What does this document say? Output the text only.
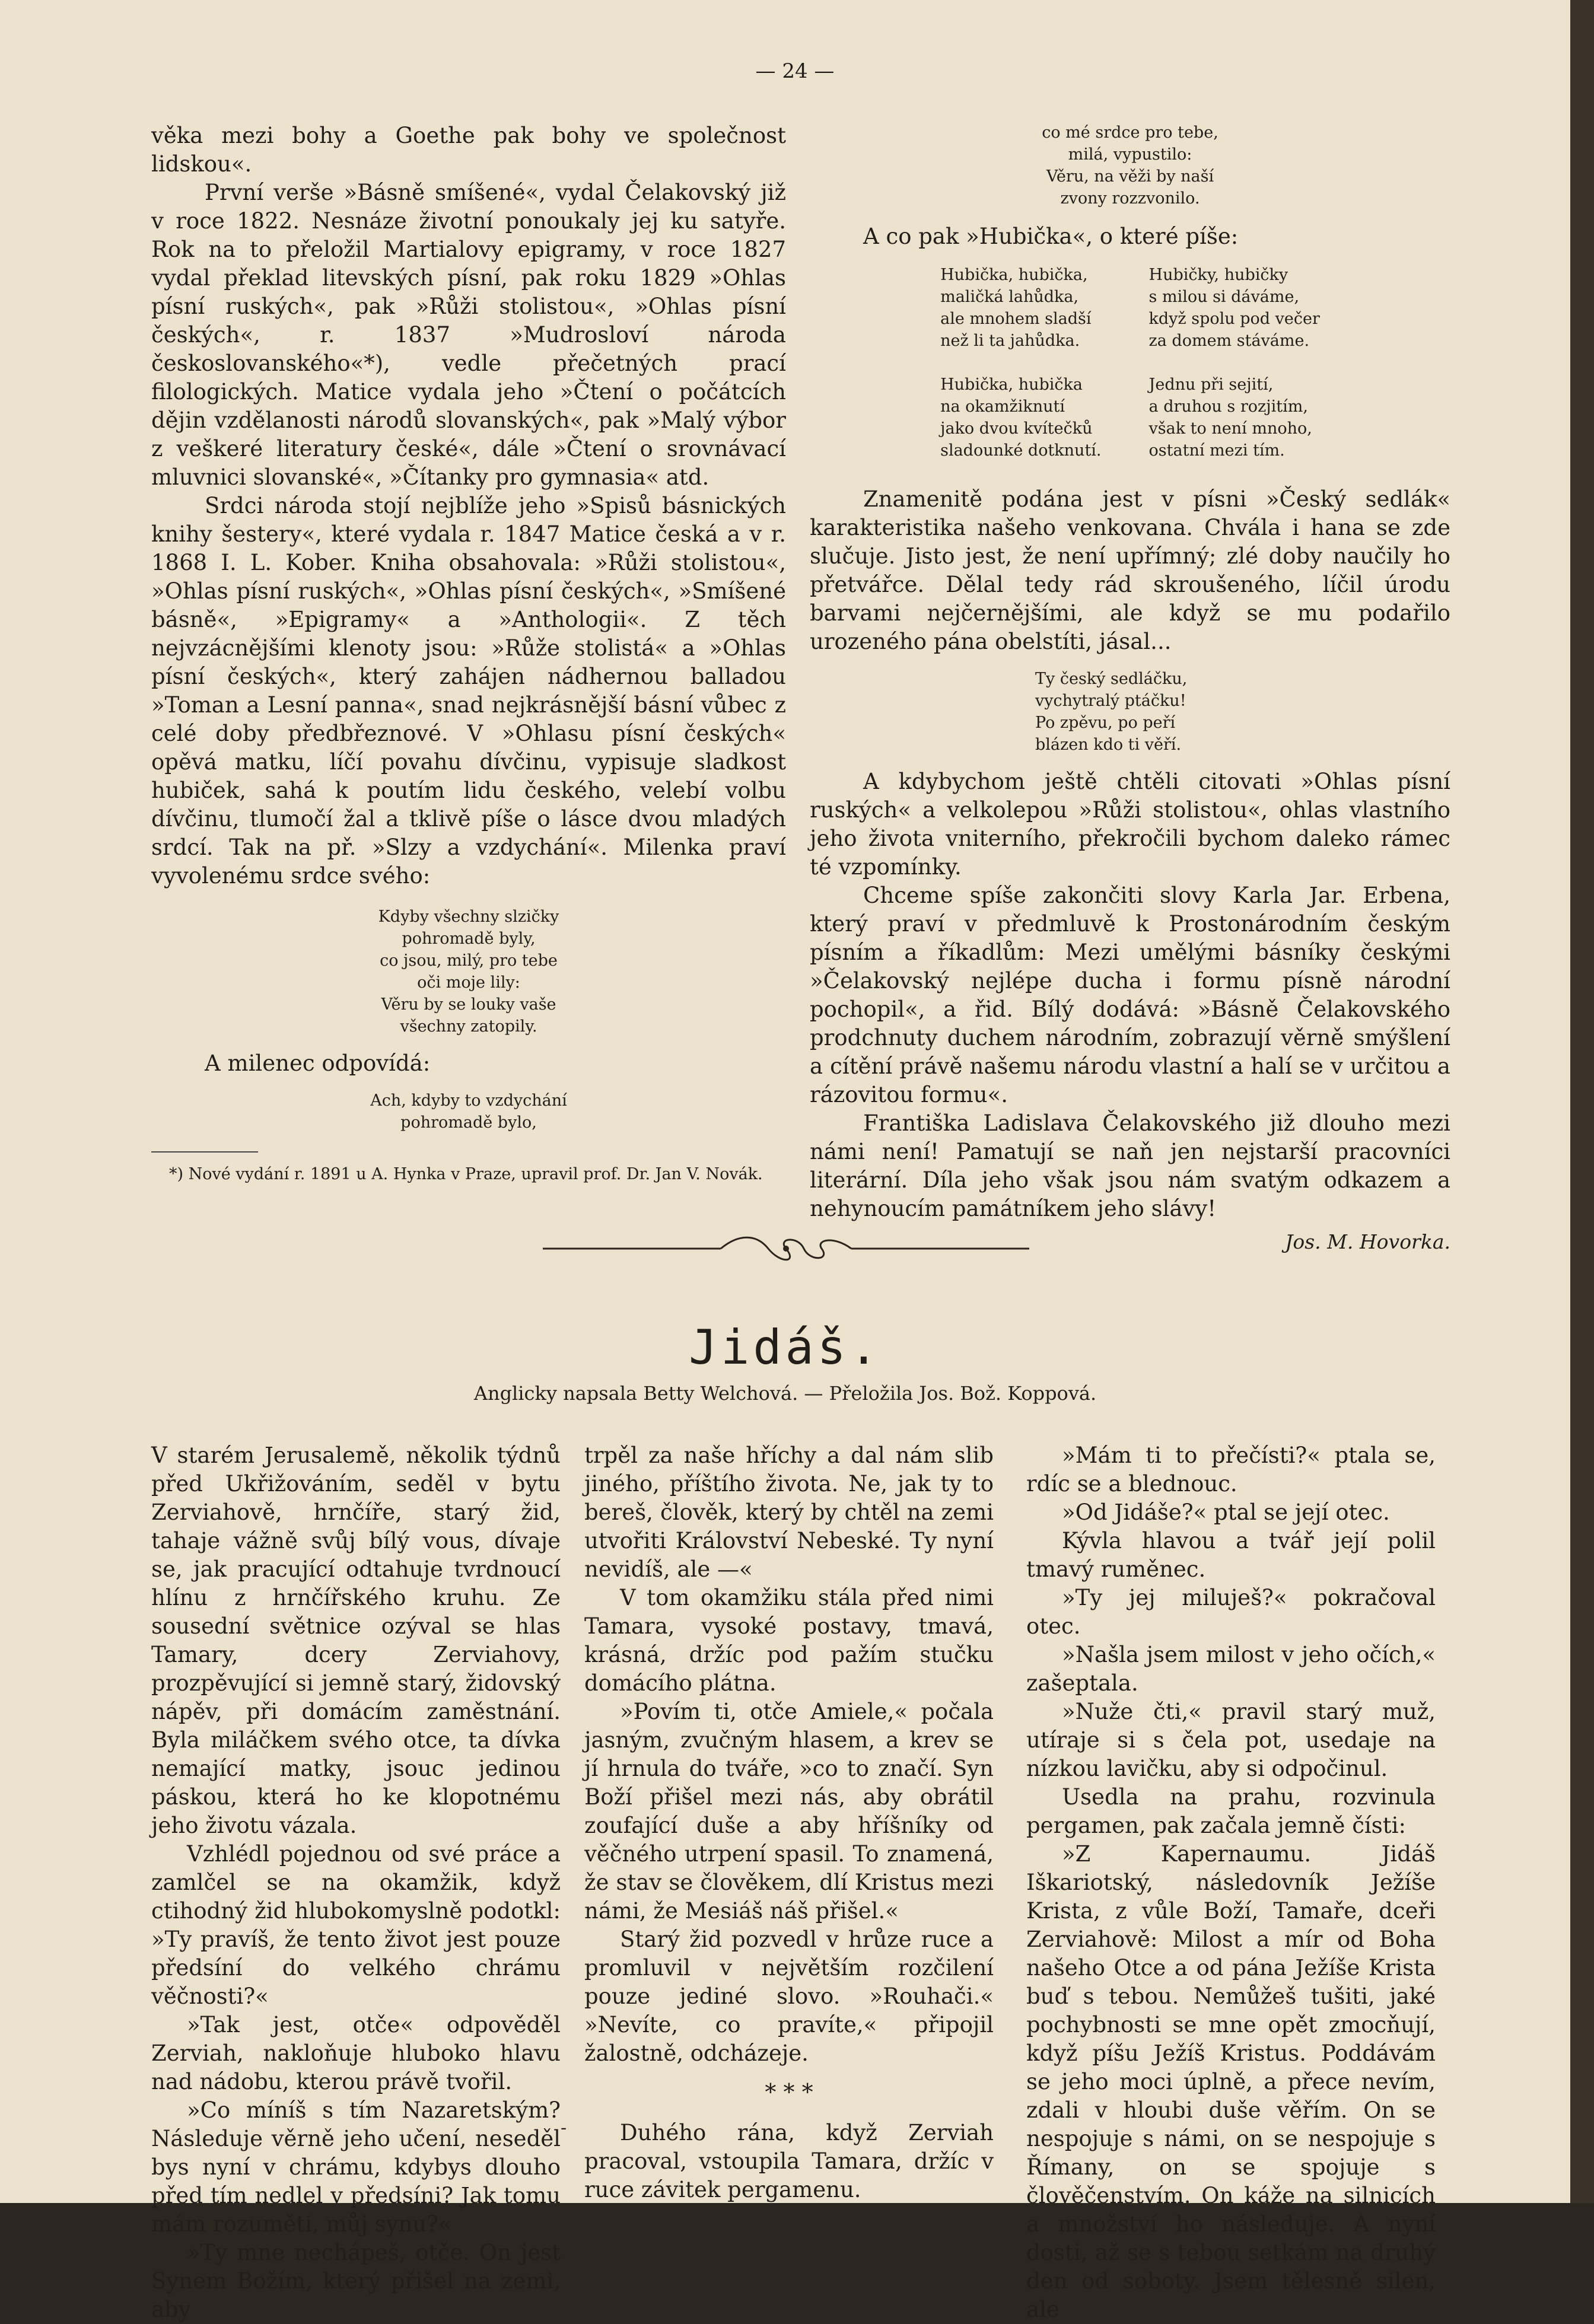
— 24 —

věka mezi bohy a Goethe pak bohy ve společnost lidskou«.

První verše »Básně smíšené«, vydal Čelakovský již v roce 1822. Nesnáze životní ponoukaly jej ku satyře. Rok na to přeložil Martialovy epigramy, v roce 1827 vydal překlad litevských písní, pak roku 1829 »Ohlas písní ruských«, pak »Růži stolistou«, »Ohlas písní českých«, r. 1837 »Mudrosloví národa českoslovanského«*), vedle přečetných prací filologických. Matice vydala jeho »Čtení o počátcích dějin vzdělanosti národů slovanských«, pak »Malý výbor z veškeré literatury české«, dále »Čtení o srovnávací mluvnici slovanské«, »Čítanky pro gymnasia« atd.

Srdci národa stojí nejblíže jeho »Spisů básnických knihy šestery«, které vydala r. 1847 Matice česká a v r. 1868 I. L. Kober. Kniha obsahovala: »Růži stolistou«, »Ohlas písní ruských«, »Ohlas písní českých«, »Smíšené básně«, »Epigramy« a »Anthologii«. Z těch nejvzácnějšími klenoty jsou: »Růže stolistá« a »Ohlas písní českých«, který zahájen nádhernou balladou »Toman a Lesní panna«, snad nejkrásnější básní vůbec z celé doby předbřeznové. V »Ohlasu písní českých« opěvá matku, líčí povahu dívčinu, vypisuje sladkost hubiček, sahá k poutím lidu českého, velebí volbu dívčinu, tlumočí žal a tklivě píše o lásce dvou mladých srdcí. Tak na př. »Slzy a vzdychání«. Milenka praví vyvolenému srdce svého:

Kdyby všechny slzičky
pohromadě byly,
co jsou, milý, pro tebe
oči moje lily:
Věru by se louky vaše
všechny zatopily.

A milenec odpovídá:

Ach, kdyby to vzdychání
pohromadě bylo,
*) Nové vydání r. 1891 u A. Hynka v Praze, upravil prof. Dr. Jan V. Novák.
co mé srdce pro tebe,
milá, vypustilo:
Věru, na věži by naší
zvony rozzvonilo.

A co pak »Hubička«, o které píše:

Hubička, hubička,
maličká lahůdka,
ale mnohem sladší
než li ta jahůdka.
Hubička, hubička
na okamžiknutí
jako dvou kvítečků
sladounké dotknutí.
Hubičky, hubičky
s milou si dáváme,
když spolu pod večer
za domem stáváme.
Jednu při sejití,
a druhou s rozjitím,
však to není mnoho,
ostatní mezi tím.

Znamenitě podána jest v písni »Český sedlák« karakteristika našeho venkovana. Chvála i hana se zde slučuje. Jisto jest, že není upřímný; zlé doby naučily ho přetvářce. Dělal tedy rád skroušeného, líčil úrodu barvami nejčernějšími, ale když se mu podařilo urozeného pána obelstíti, jásal...

Ty český sedláčku,
vychytralý ptáčku!
Po zpěvu, po peří
blázen kdo ti věří.

A kdybychom ještě chtěli citovati »Ohlas písní ruských« a velkolepou »Růži stolistou«, ohlas vlastního jeho života vniterního, překročili bychom daleko rámec té vzpomínky.

Chceme spíše zakončiti slovy Karla Jar. Erbena, který praví v předmluvě k Prostonárodním českým písním a říkadlům: Mezi umělými básníky českými »Čelakovský nejlépe ducha i formu písně národní pochopil«, a řid. Bílý dodává: »Básně Čelakovského prodchnuty duchem národním, zobrazují věrně smýšlení a cítění právě našemu národu vlastní a halí se v určitou a rázovitou formu«.

Františka Ladislava Čelakovského již dlouho mezi námi není! Pamatují se naň jen nejstarší pracovníci literární. Díla jeho však jsou nám svatým odkazem a nehynoucím památníkem jeho slávy!

Jos. M. Hovorka.
Jidáš.
Anglicky napsala Betty Welchová. — Přeložila Jos. Bož. Koppová.

V starém Jerusalemě, několik týdnů před Ukřižováním, seděl v bytu Zerviahově, hrnčíře, starý žid, tahaje vážně svůj bílý vous, dívaje se, jak pracující odtahuje tvrdnoucí hlínu z hrnčířského kruhu. Ze sousední světnice ozýval se hlas Tamary, dcery Zerviahovy, prozpěvující si jemně starý, židovský nápěv, při domácím zaměstnání. Byla miláčkem svého otce, ta dívka nemající matky, jsouc jedinou páskou, která ho ke klopotnému jeho životu vázala.

Vzhlédl pojednou od své práce a zamlčel se na okamžik, když ctihodný žid hlubokomyslně podotkl: »Ty pravíš, že tento život jest pouze předsíní do velkého chrámu věčnosti?«

»Tak jest, otče« odpověděl Zerviah, nakloňuje hluboko hlavu nad nádobu, kterou právě tvořil.

»Co míníš s tím Nazaretským? Následuje věrně jeho učení, neseděl bys nyní v chrámu, kdybys dlouho před tím nedlel v předsíni? Jak tomu mám rozuměti, můj synu?«

»Ty mne nechápeš, otče. On jest Synem Božím, který přišel na zemi, aby

trpěl za naše hříchy a dal nám slib jiného, příštího života. Ne, jak ty to bereš, člověk, který by chtěl na zemi utvořiti Království Nebeské. Ty nyní nevidíš, ale —«

V tom okamžiku stála před nimi Tamara, vysoké postavy, tmavá, krásná, držíc pod pažím stučku domácího plátna.

»Povím ti, otče Amiele,« počala jasným, zvučným hlasem, a krev se jí hrnula do tváře, »co to značí. Syn Boží přišel mezi nás, aby obrátil zoufající duše a aby hříšníky od věčného utrpení spasil. To znamená, že stav se člověkem, dlí Kristus mezi námi, že Mesiáš náš přišel.«

Starý žid pozvedl v hrůze ruce a promluvil v největším rozčilení pouze jediné slovo. »Rouhači.« »Nevíte, co pravíte,« připojil žalostně, odcházeje.

* * *

Duhého rána, když Zerviah pracoval, vstoupila Tamara, držíc v ruce závitek pergamenu.

»Mám ti to přečísti?« ptala se, rdíc se a blednouc.

»Od Jidáše?« ptal se její otec.

Kývla hlavou a tvář její polil tmavý ruměnec.

»Ty jej miluješ?« pokračoval otec.

»Našla jsem milost v jeho očích,« zašeptala.

»Nuže čti,« pravil starý muž, utíraje si s čela pot, usedaje na nízkou lavičku, aby si odpočinul.

Usedla na prahu, rozvinula pergamen, pak začala jemně čísti:

»Z Kapernaumu. Jidáš Iškariotský, následovník Ježíše Krista, z vůle Boží, Tamaře, dceři Zerviahově: Milost a mír od Boha našeho Otce a od pána Ježíše Krista buď s tebou. Nemůžeš tušiti, jaké pochybnosti se mne opět zmocňují, když píšu Ježíš Kristus. Poddávám se jeho moci úplně, a přece nevím, zdali v hloubi duše věřím. On se nespojuje s námi, on se nespojuje s Římany, on se spojuje s člověčenstvím. On káže na silnicích a množství ho následuje. A nyní dosti, až se s tebou setkám na druhý den od soboty. Jsem tělesně silen, ale

-
